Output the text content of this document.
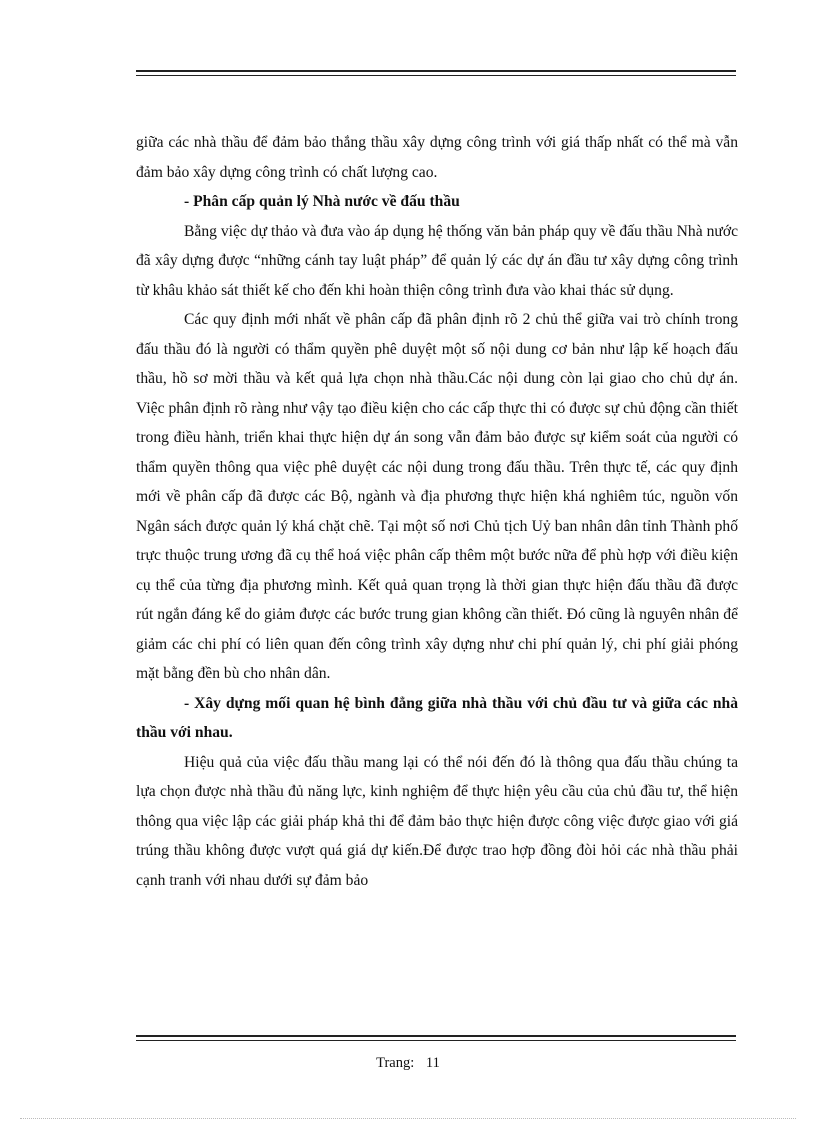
giữa các nhà thầu để đảm bảo thắng thầu xây dựng công trình với giá thấp nhất có thể mà vẫn đảm bảo xây dựng công trình có chất lượng cao.

- Phân cấp quản lý Nhà nước về đấu thầu

Bằng việc dự thảo và đưa vào áp dụng hệ thống văn bản pháp quy về đấu thầu Nhà nước đã xây dựng được “những cánh tay luật pháp” để quản lý các dự án đầu tư xây dựng công trình từ khâu khảo sát thiết kế cho đến khi hoàn thiện công trình đưa vào khai thác sử dụng.

Các quy định mới nhất về phân cấp đã phân định rõ 2 chủ thể giữa vai trò chính trong đấu thầu đó là người có thẩm quyền phê duyệt một số nội dung cơ bản như lập kế hoạch đấu thầu, hồ sơ mời thầu và kết quả lựa chọn nhà thầu.Các nội dung còn lại giao cho chủ dự án. Việc phân định rõ ràng như vậy tạo điều kiện cho các cấp thực thi có được sự chủ động cần thiết trong điều hành, triển khai thực hiện dự án song vẫn đảm bảo được sự kiểm soát của người có thẩm quyền thông qua việc phê duyệt các nội dung trong đấu thầu. Trên thực tế, các quy định mới về phân cấp đã được các Bộ, ngành và địa phương thực hiện khá nghiêm túc, nguồn vốn Ngân sách được quản lý khá chặt chẽ. Tại một số nơi Chủ tịch Uỷ ban nhân dân tỉnh Thành phố trực thuộc trung ương đã cụ thể hoá việc phân cấp thêm một bước nữa để phù hợp với điều kiện cụ thể của từng địa phương mình. Kết quả quan trọng là thời gian thực hiện đấu thầu đã được rút ngắn đáng kể do giảm được các bước trung gian không cần thiết. Đó cũng là nguyên nhân để giảm các chi phí có liên quan đến công trình xây dựng như chi phí quản lý, chi phí giải phóng mặt bằng đền bù cho nhân dân.

- Xây dựng mối quan hệ bình đẳng giữa nhà thầu với chủ đầu tư và giữa các nhà thầu với nhau.

Hiệu quả của việc đấu thầu mang lại có thể nói đến đó là thông qua đấu thầu chúng ta lựa chọn được nhà thầu đủ năng lực, kinh nghiệm để thực hiện yêu cầu của chủ đầu tư, thể hiện thông qua việc lập các giải pháp khả thi để đảm bảo thực hiện được công việc được giao với giá trúng thầu không được vượt quá giá dự kiến.Để được trao hợp đồng đòi hỏi các nhà thầu phải cạnh tranh với nhau dưới sự đảm bảo

Trang: 11
